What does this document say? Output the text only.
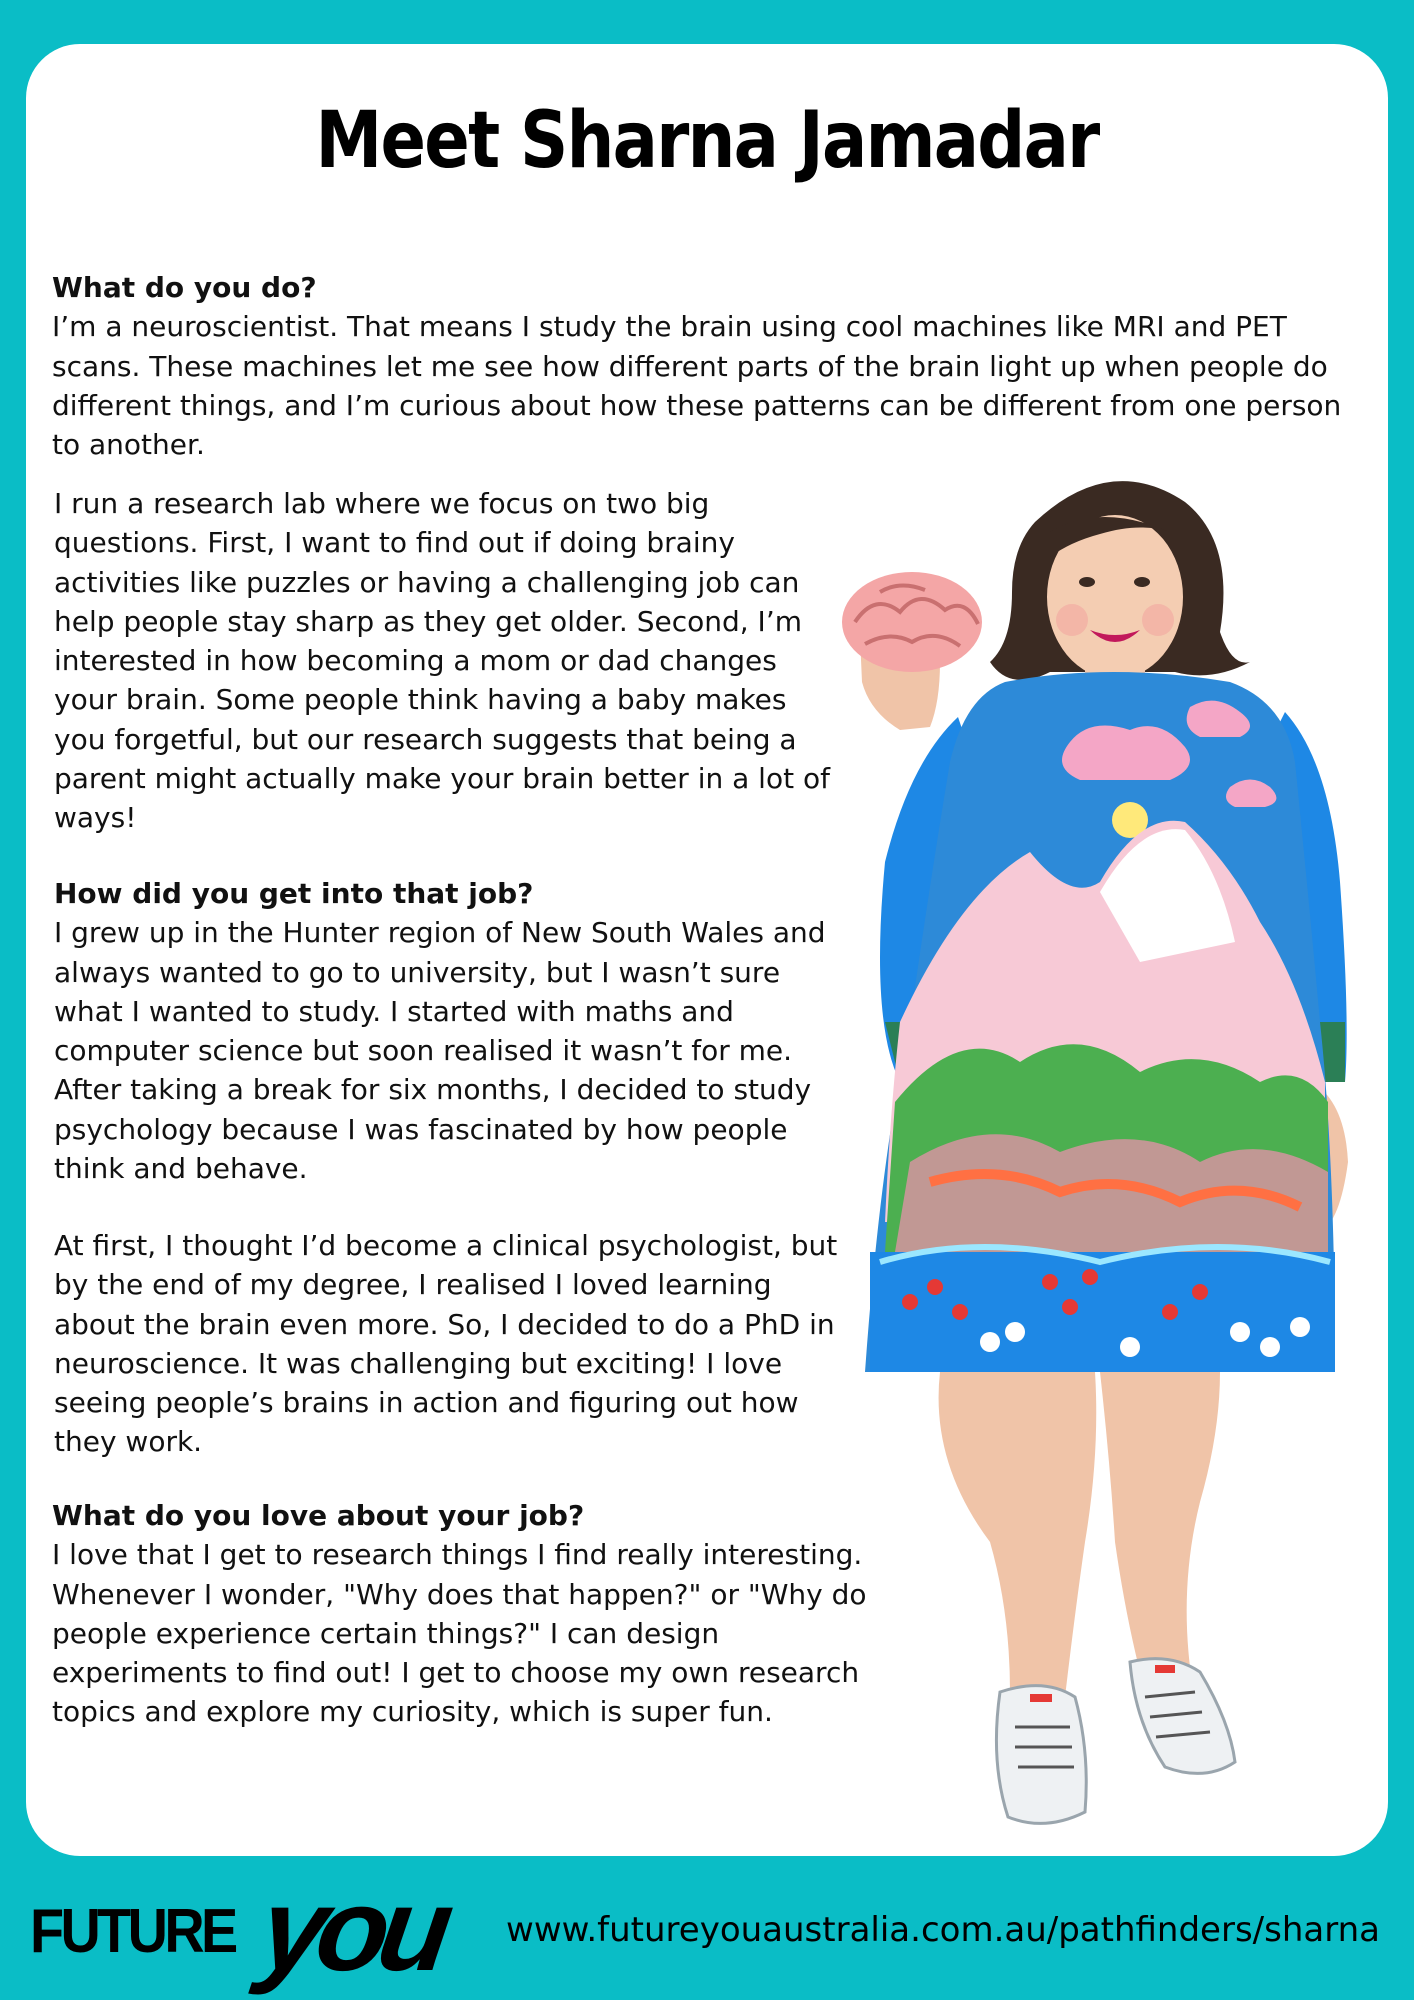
Meet Sharna Jamadar
What do you do?
I’m a neuroscientist. That means I study the brain using cool machines like MRI and PET scans. These machines let me see how different parts of the brain light up when people do different things, and I’m curious about how these patterns can be different from one person to another.
I run a research lab where we focus on two big questions. First, I want to find out if doing brainy activities like puzzles or having a challenging job can help people stay sharp as they get older. Second, I’m interested in how becoming a mom or dad changes your brain. Some people think having a baby makes you forgetful, but our research suggests that being a parent might actually make your brain better in a lot of ways!
How did you get into that job?
I grew up in the Hunter region of New South Wales and always wanted to go to university, but I wasn’t sure what I wanted to study. I started with maths and computer science but soon realised it wasn’t for me. After taking a break for six months, I decided to study psychology because I was fascinated by how people think and behave.
At first, I thought I’d become a clinical psychologist, but by the end of my degree, I realised I loved learning about the brain even more. So, I decided to do a PhD in neuroscience. It was challenging but exciting! I love seeing people’s brains in action and figuring out how they work.
What do you love about your job?
I love that I get to research things I find really interesting. Whenever I wonder, "Why does that happen?" or "Why do people experience certain things?" I can design experiments to find out! I get to choose my own research topics and explore my curiosity, which is super fun.
FUTURE you www.futureyouaustralia.com.au/pathfinders/sharna
